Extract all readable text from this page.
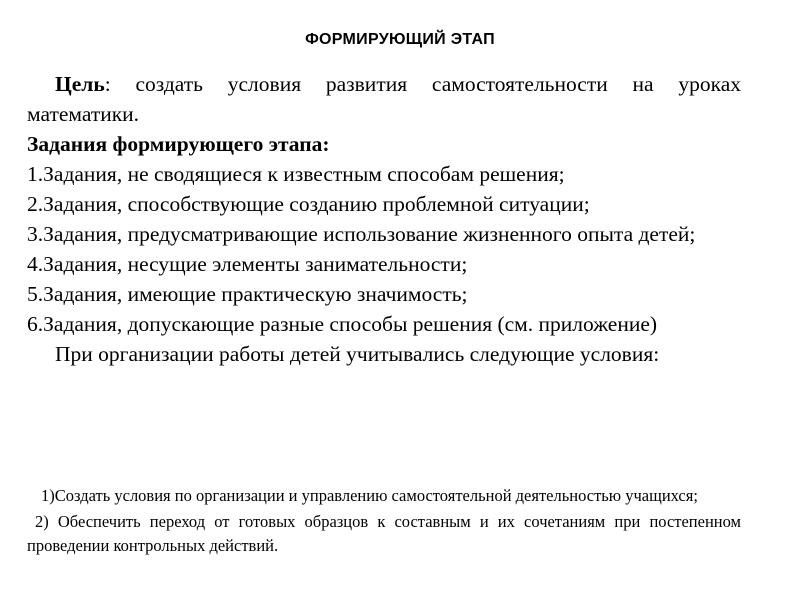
ФОРМИРУЮЩИЙ ЭТАП

Цель: создать условия развития самостоятельности на уроках математики.

Задания формирующего этапа:

1.Задания, не сводящиеся к известным способам решения;

2.Задания, способствующие созданию проблемной ситуации;

3.Задания, предусматривающие использование жизненного опыта детей;

4.Задания, несущие элементы занимательности;

5.Задания, имеющие практическую значимость;

6.Задания, допускающие разные способы решения (см. приложение)

При организации работы детей учитывались следующие условия:

1)Создать условия по организации и управлению самостоятельной деятельностью учащихся;

2) Обеспечить переход от готовых образцов к составным и их сочетаниям при постепенном проведении контрольных действий.
